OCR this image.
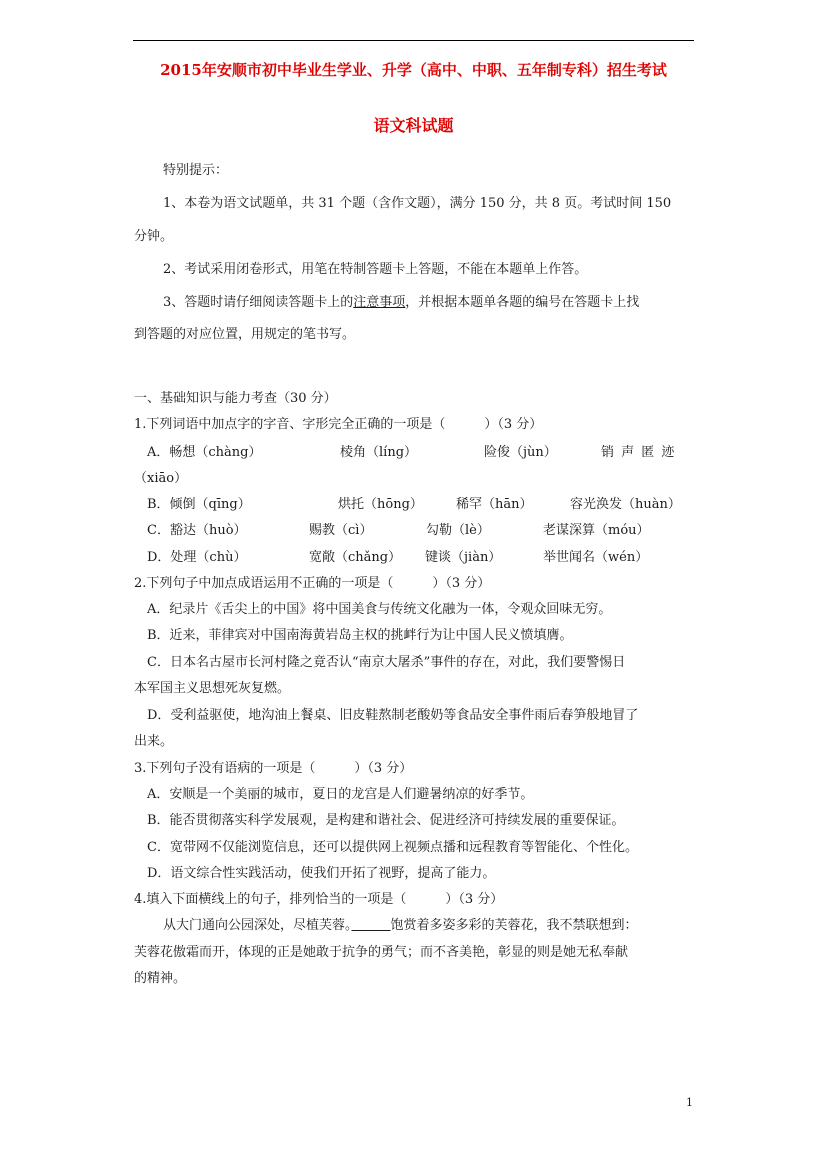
2015年安顺市初中毕业生学业、升学（高中、中职、五年制专科）招生考试
语文科试题
特别提示：
1、本卷为语文试题单，共 31 个题（含作文题），满分 150 分，共 8 页。考试时间 150
分钟。
2、考试采用闭卷形式，用笔在特制答题卡上答题，不能在本题单上作答。
3、答题时请仔细阅读答题卡上的注意事项，并根据本题单各题的编号在答题卡上找
到答题的对应位置，用规定的笔书写。
一、基础知识与能力考查（30 分）
1.下列词语中加点字的字音、字形完全正确的一项是（　　　）（3 分）
A．畅想（chàng）	棱角（líng）	险俊（jùn）	销 声 匿 迹
（xiāo）
B．倾倒（qīng）	烘托（hōng）	稀罕（hān）	容光涣发（huàn）
C．豁达（huò）	赐教（cì）	勾勒（lè）	老谋深算（móu）
D．处理（chù）	宽敞（chǎng） 键谈（jiàn）	举世闻名（wén）
2.下列句子中加点成语运用不正确的一项是（　　　）（3 分）
A．纪录片《舌尖上的中国》将中国美食与传统文化融为一体，令观众回味无穷。
B．近来，菲律宾对中国南海黄岩岛主权的挑衅行为让中国人民义愤填膺。
C．日本名古屋市长河村隆之竟否认“南京大屠杀”事件的存在，对此，我们要警惕日
本军国主义思想死灰复燃。
D．受利益驱使，地沟油上餐桌、旧皮鞋熬制老酸奶等食品安全事件雨后春笋般地冒了
出来。
3.下列句子没有语病的一项是（　　　）（3 分）
A．安顺是一个美丽的城市，夏日的龙宫是人们避暑纳凉的好季节。
B．能否贯彻落实科学发展观，是构建和谐社会、促进经济可持续发展的重要保证。
C．宽带网不仅能浏览信息，还可以提供网上视频点播和远程教育等智能化、个性化。
D．语文综合性实践活动，使我们开拓了视野，提高了能力。
4.填入下面横线上的句子，排列恰当的一项是（　　　）（3 分）
从大门通向公园深处，尽植芙蓉。　　　	饱赏着多姿多彩的芙蓉花，我不禁联想到：
芙蓉花傲霜而开，体现的正是她敢于抗争的勇气；而不吝美艳，彰显的则是她无私奉献
的精神。
1
